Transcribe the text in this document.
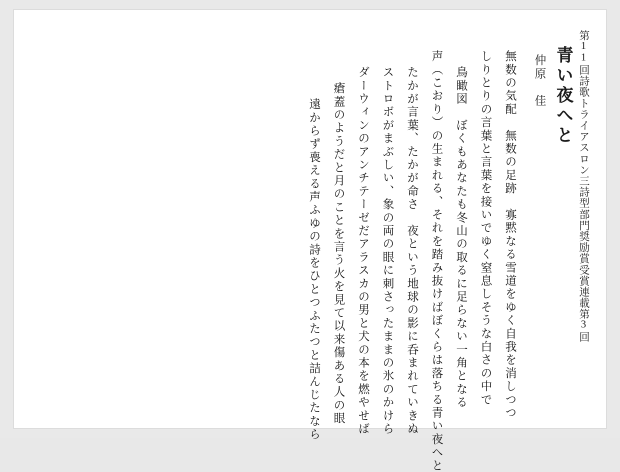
第11回詩歌トライアスロン三詩型部門奨励賞受賞連載第3回
青い夜へと
仲原　佳
無数の気配　無数の足跡　寡黙なる雪道をゆく自我を消しつつ
しりとりの言葉と言葉を接いでゆく窒息しそうな白さの中で
鳥瞰図　ぼくもあなたも冬山の取るに足らない一角となる
声（こおり）の生まれる、それを踏み抜けばぼくらは落ちる青い夜へと
たかが言葉、たかが命さ　夜という地球の影に呑まれていきぬ
ストロボがまぶしい、象の両の眼に刺さったままの氷のかけら
ダーウィンのアンチテーゼだアラスカの男と犬の本を燃やせば
瘡蓋のようだと月のことを言う火を見て以来傷ある人の眼
遠からず喪える声ふゆの詩をひとつふたつと詰んじたなら
